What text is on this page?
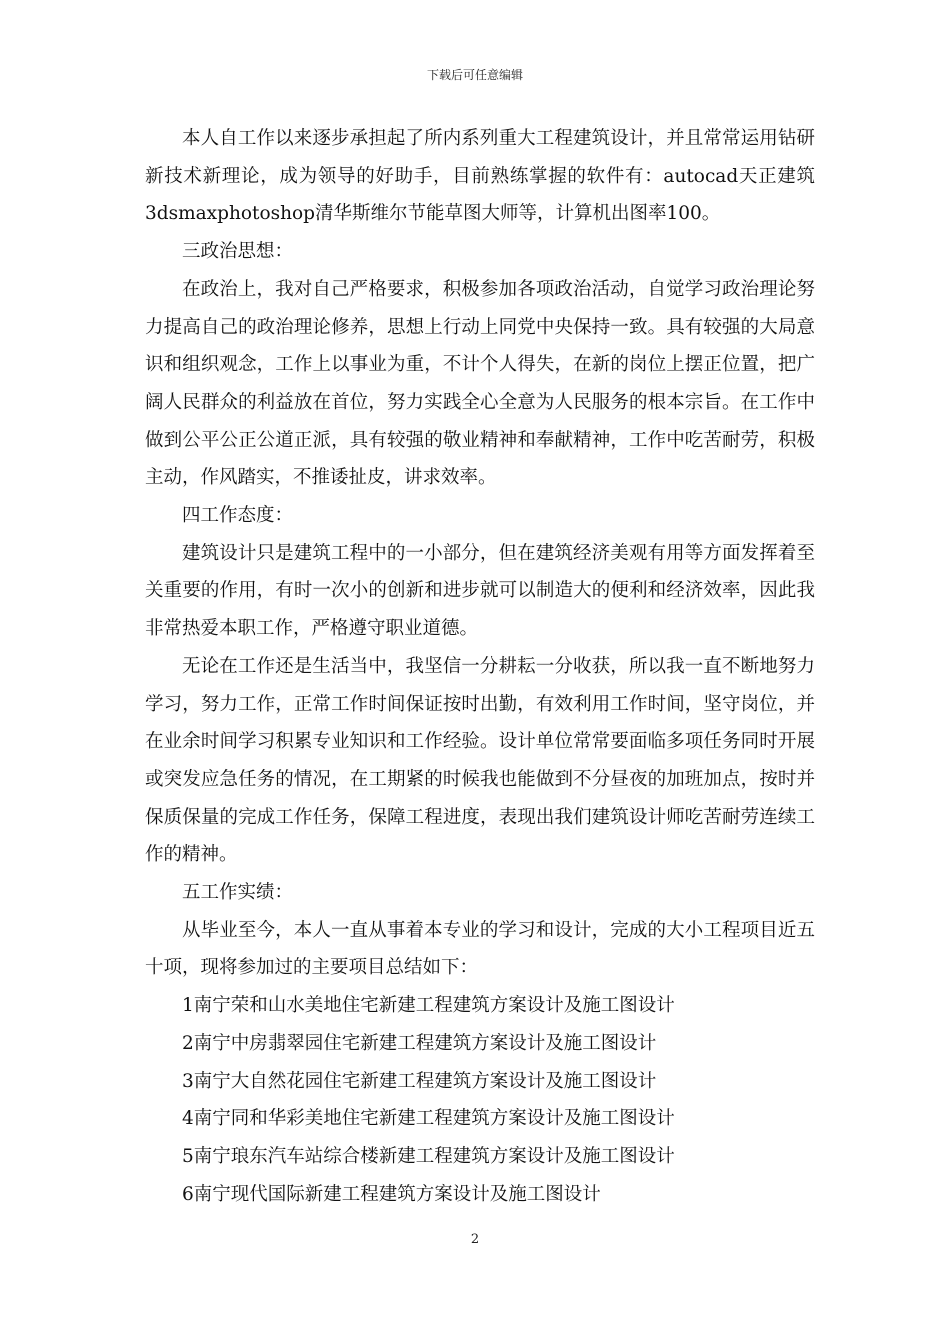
下载后可任意编辑

本人自工作以来逐步承担起了所内系列重大工程建筑设计，并且常常运用钻研新技术新理论，成为领导的好助手，目前熟练掌握的软件有：autocad天正建筑3dsmaxphotoshop清华斯维尔节能草图大师等，计算机出图率100。

三政治思想：

在政治上，我对自己严格要求，积极参加各项政治活动，自觉学习政治理论努力提高自己的政治理论修养，思想上行动上同党中央保持一致。具有较强的大局意识和组织观念，工作上以事业为重，不计个人得失，在新的岗位上摆正位置，把广阔人民群众的利益放在首位，努力实践全心全意为人民服务的根本宗旨。在工作中做到公平公正公道正派，具有较强的敬业精神和奉献精神，工作中吃苦耐劳，积极主动，作风踏实，不推诿扯皮，讲求效率。

四工作态度：

建筑设计只是建筑工程中的一小部分，但在建筑经济美观有用等方面发挥着至关重要的作用，有时一次小的创新和进步就可以制造大的便利和经济效率，因此我非常热爱本职工作，严格遵守职业道德。

无论在工作还是生活当中，我坚信一分耕耘一分收获，所以我一直不断地努力学习，努力工作，正常工作时间保证按时出勤，有效利用工作时间，坚守岗位，并在业余时间学习积累专业知识和工作经验。设计单位常常要面临多项任务同时开展或突发应急任务的情况，在工期紧的时候我也能做到不分昼夜的加班加点，按时并保质保量的完成工作任务，保障工程进度，表现出我们建筑设计师吃苦耐劳连续工作的精神。

五工作实绩：

从毕业至今，本人一直从事着本专业的学习和设计，完成的大小工程项目近五十项，现将参加过的主要项目总结如下：

1南宁荣和山水美地住宅新建工程建筑方案设计及施工图设计

2南宁中房翡翠园住宅新建工程建筑方案设计及施工图设计

3南宁大自然花园住宅新建工程建筑方案设计及施工图设计

4南宁同和华彩美地住宅新建工程建筑方案设计及施工图设计

5南宁琅东汽车站综合楼新建工程建筑方案设计及施工图设计

6南宁现代国际新建工程建筑方案设计及施工图设计

2
